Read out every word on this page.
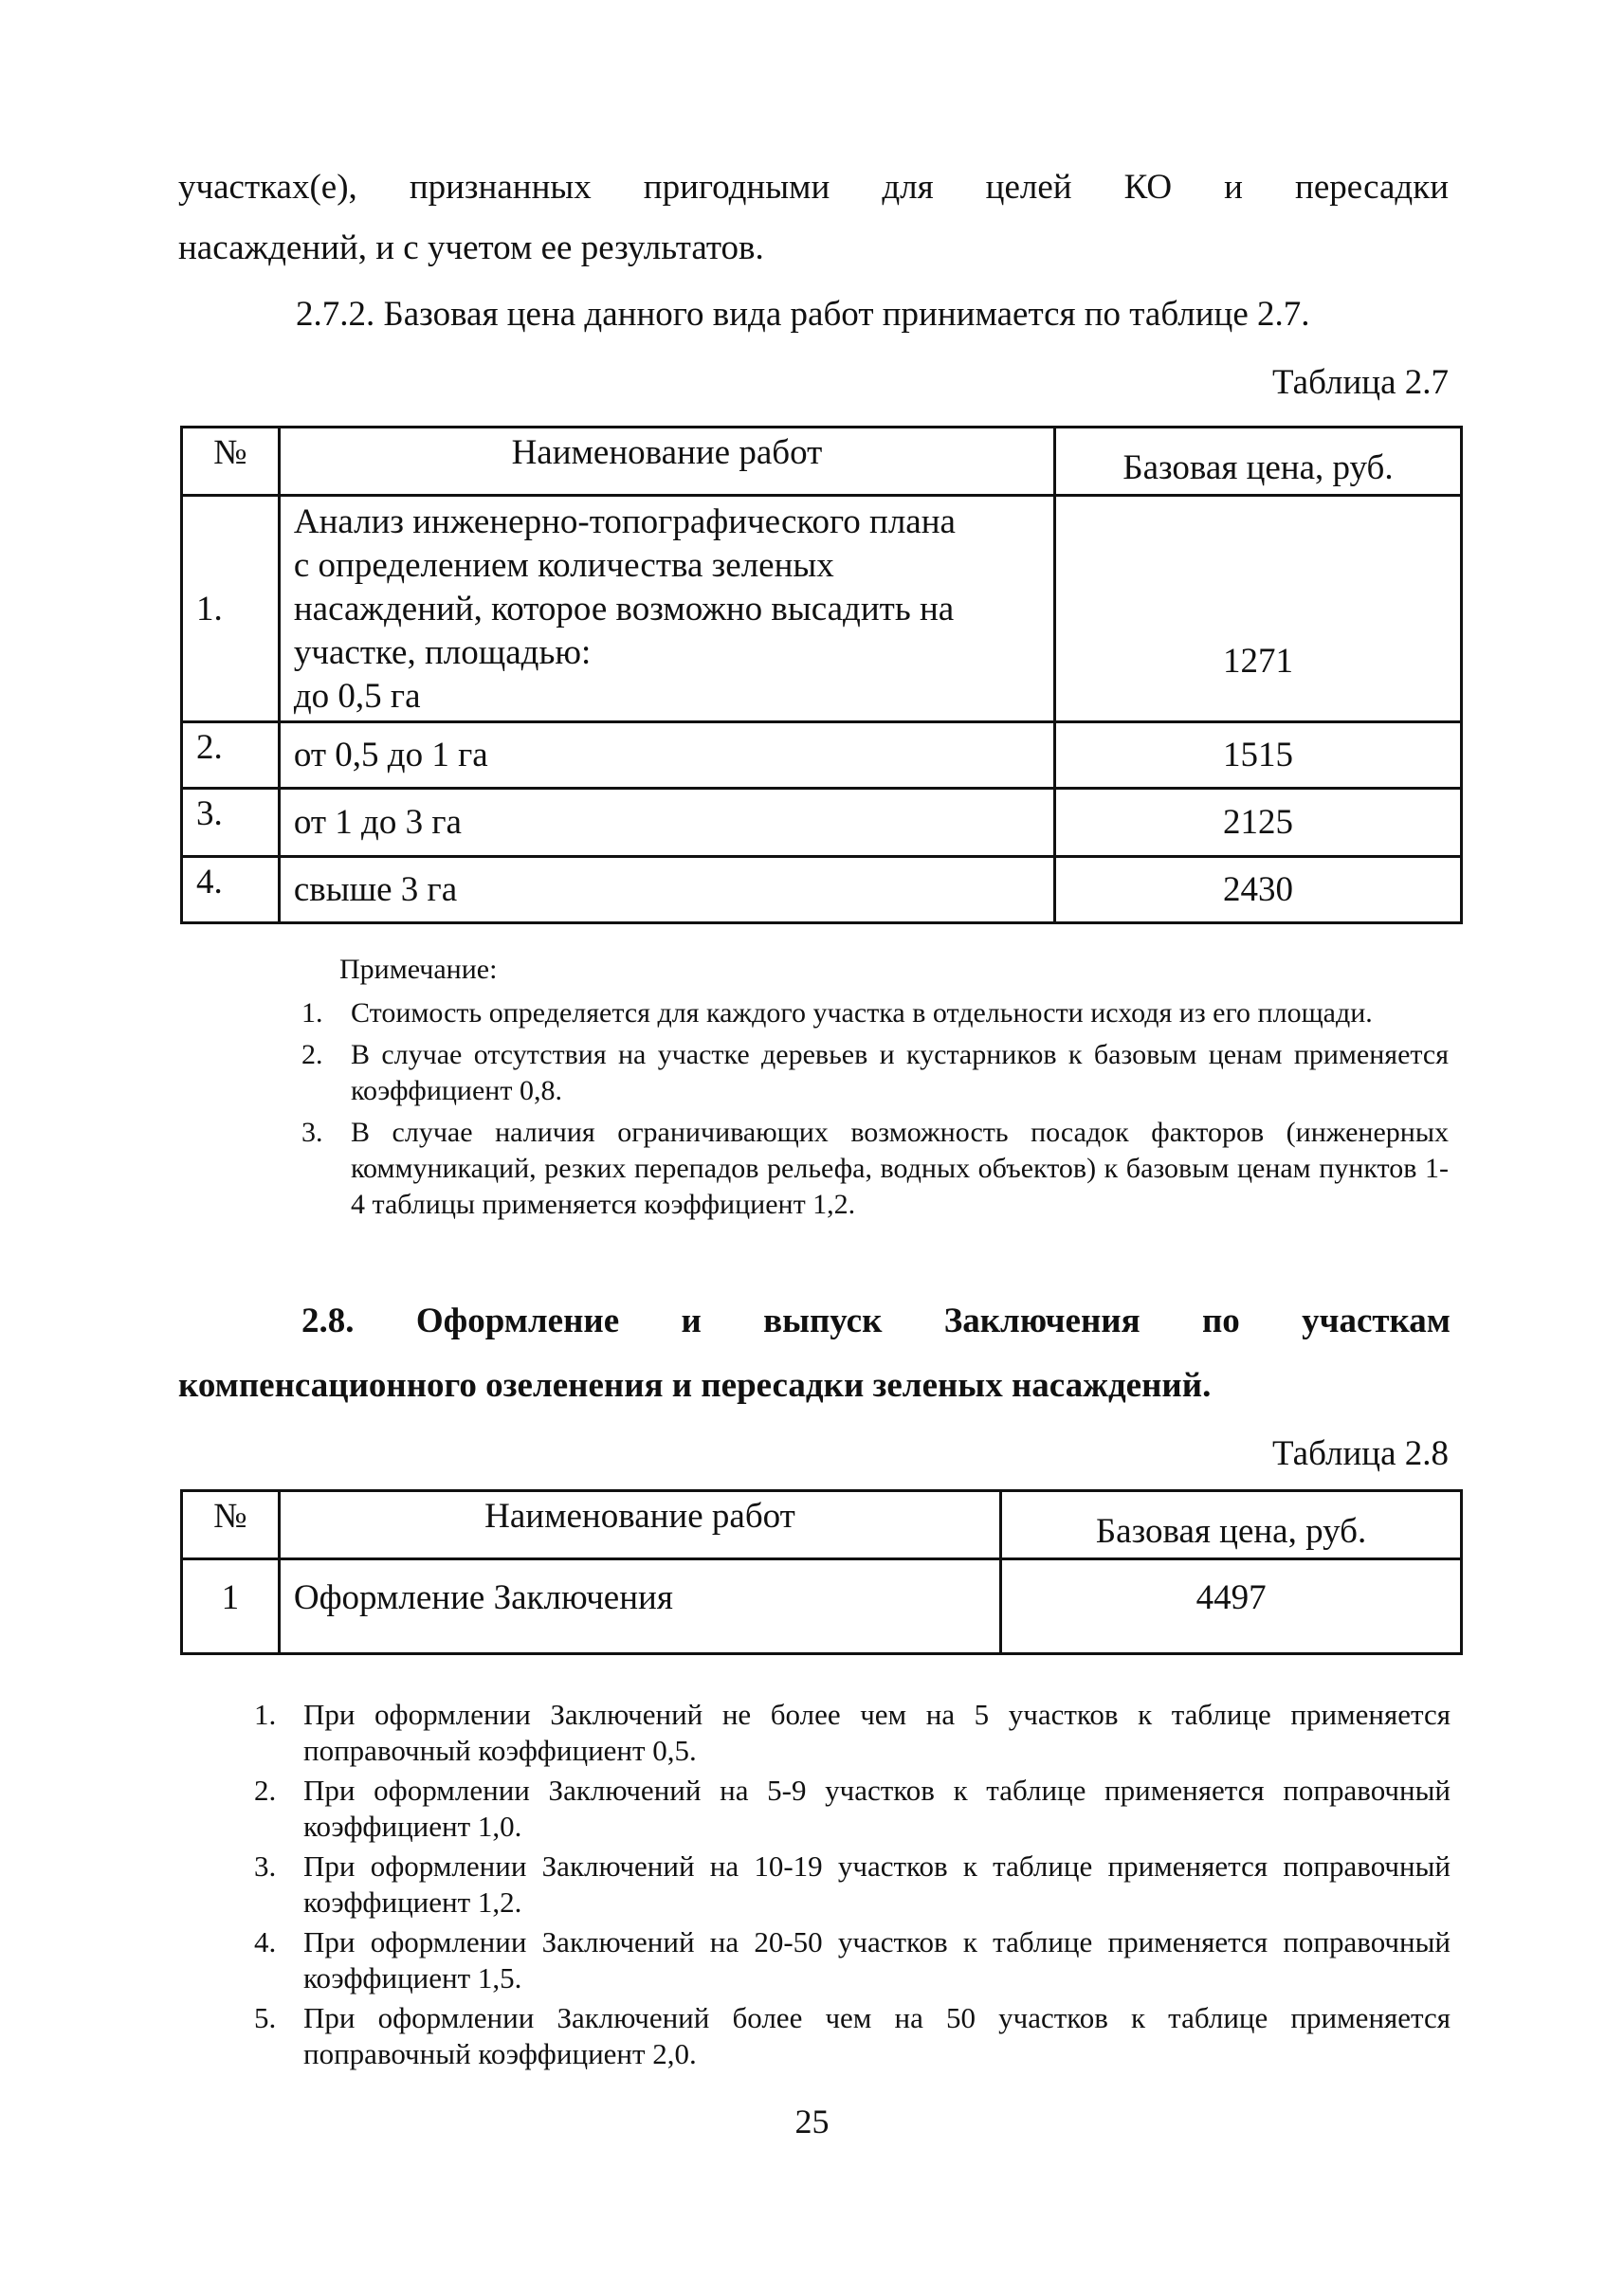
участках(е), признанных пригодными для целей КО и пересадки
насаждений, и с учетом ее результатов.
2.7.2. Базовая цена данного вида работ принимается по таблице 2.7.
Таблица 2.7
№	Наименование работ	Базовая цена, руб.
1.	Анализ инженерно-топографического плана
с определением количества зеленых
насаждений, которое возможно высадить на
участке, площадью:
до 0,5 га	1271
2.	от 0,5 до 1 га	1515
3.	от 1 до 3 га	2125
4.	свыше 3 га	2430
Примечание:
1. Стоимость определяется для каждого участка в отдельности исходя из его площади.
2. В случае отсутствия на участке деревьев и кустарников к базовым ценам применяется коэффициент 0,8.
3. В случае наличия ограничивающих возможность посадок факторов (инженерных коммуникаций, резких перепадов рельефа, водных объектов) к базовым ценам пунктов 1-4 таблицы применяется коэффициент 1,2.
2.8. Оформление и выпуск Заключения по участкам
компенсационного озеленения и пересадки зеленых насаждений.
Таблица 2.8
№	Наименование работ	Базовая цена, руб.
1	Оформление Заключения	4497
1. При оформлении Заключений не более чем на 5 участков к таблице применяется поправочный коэффициент 0,5.
2. При оформлении Заключений на 5-9 участков к таблице применяется поправочный коэффициент 1,0.
3. При оформлении Заключений на 10-19 участков к таблице применяется поправочный коэффициент 1,2.
4. При оформлении Заключений на 20-50 участков к таблице применяется поправочный коэффициент 1,5.
5. При оформлении Заключений более чем на 50 участков к таблице применяется поправочный коэффициент 2,0.
25
